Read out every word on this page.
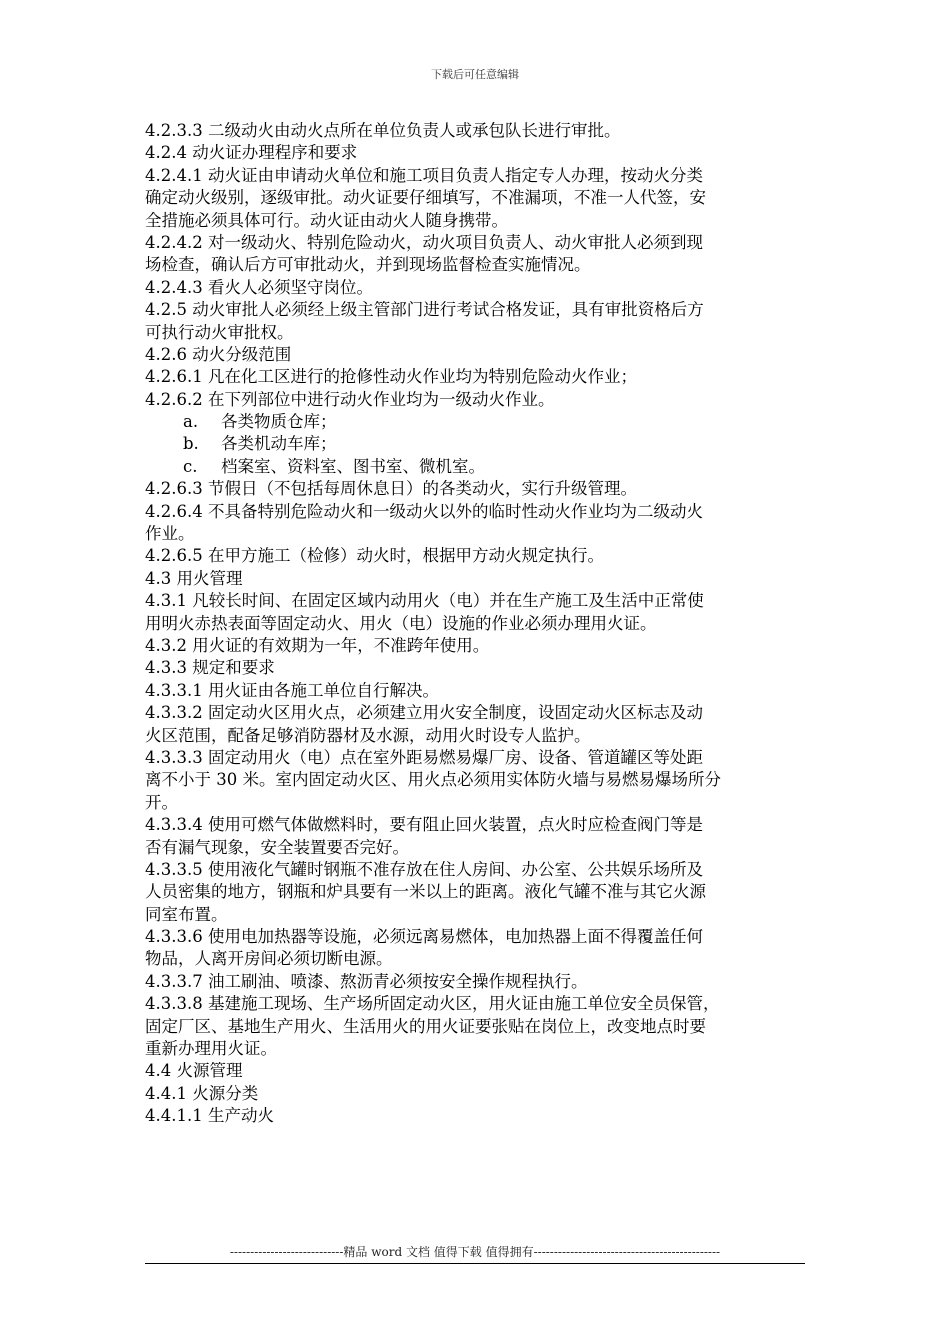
下载后可任意编辑
4.2.3.3 二级动火由动火点所在单位负责人或承包队长进行审批。
4.2.4 动火证办理程序和要求
4.2.4.1 动火证由申请动火单位和施工项目负责人指定专人办理，按动火分类
确定动火级别，逐级审批。动火证要仔细填写，不准漏项，不准一人代签，安
全措施必须具体可行。动火证由动火人随身携带。
4.2.4.2 对一级动火、特别危险动火，动火项目负责人、动火审批人必须到现
场检查，确认后方可审批动火，并到现场监督检查实施情况。
4.2.4.3 看火人必须坚守岗位。
4.2.5 动火审批人必须经上级主管部门进行考试合格发证，具有审批资格后方
可执行动火审批权。
4.2.6 动火分级范围
4.2.6.1 凡在化工区进行的抢修性动火作业均为特别危险动火作业；
4.2.6.2 在下列部位中进行动火作业均为一级动火作业。
a. 各类物质仓库；
b. 各类机动车库；
c. 档案室、资料室、图书室、微机室。
4.2.6.3 节假日（不包括每周休息日）的各类动火，实行升级管理。
4.2.6.4 不具备特别危险动火和一级动火以外的临时性动火作业均为二级动火
作业。
4.2.6.5 在甲方施工（检修）动火时，根据甲方动火规定执行。
4.3 用火管理
4.3.1 凡较长时间、在固定区域内动用火（电）并在生产施工及生活中正常使
用明火赤热表面等固定动火、用火（电）设施的作业必须办理用火证。
4.3.2 用火证的有效期为一年，不准跨年使用。
4.3.3 规定和要求
4.3.3.1 用火证由各施工单位自行解决。
4.3.3.2 固定动火区用火点，必须建立用火安全制度，设固定动火区标志及动
火区范围，配备足够消防器材及水源，动用火时设专人监护。
4.3.3.3 固定动用火（电）点在室外距易燃易爆厂房、设备、管道罐区等处距
离不小于 30 米。室内固定动火区、用火点必须用实体防火墙与易燃易爆场所分
开。
4.3.3.4 使用可燃气体做燃料时，要有阻止回火装置，点火时应检查阀门等是
否有漏气现象，安全装置要否完好。
4.3.3.5 使用液化气罐时钢瓶不准存放在住人房间、办公室、公共娱乐场所及
人员密集的地方，钢瓶和炉具要有一米以上的距离。液化气罐不准与其它火源
同室布置。
4.3.3.6 使用电加热器等设施，必须远离易燃体，电加热器上面不得覆盖任何
物品，人离开房间必须切断电源。
4.3.3.7 油工刷油、喷漆、熬沥青必须按安全操作规程执行。
4.3.3.8 基建施工现场、生产场所固定动火区，用火证由施工单位安全员保管，
固定厂区、基地生产用火、生活用火的用火证要张贴在岗位上，改变地点时要
重新办理用火证。
4.4 火源管理
4.4.1 火源分类
4.4.1.1 生产动火
----------------------------精品 word 文档 值得下载 值得拥有----------------------------------------------
